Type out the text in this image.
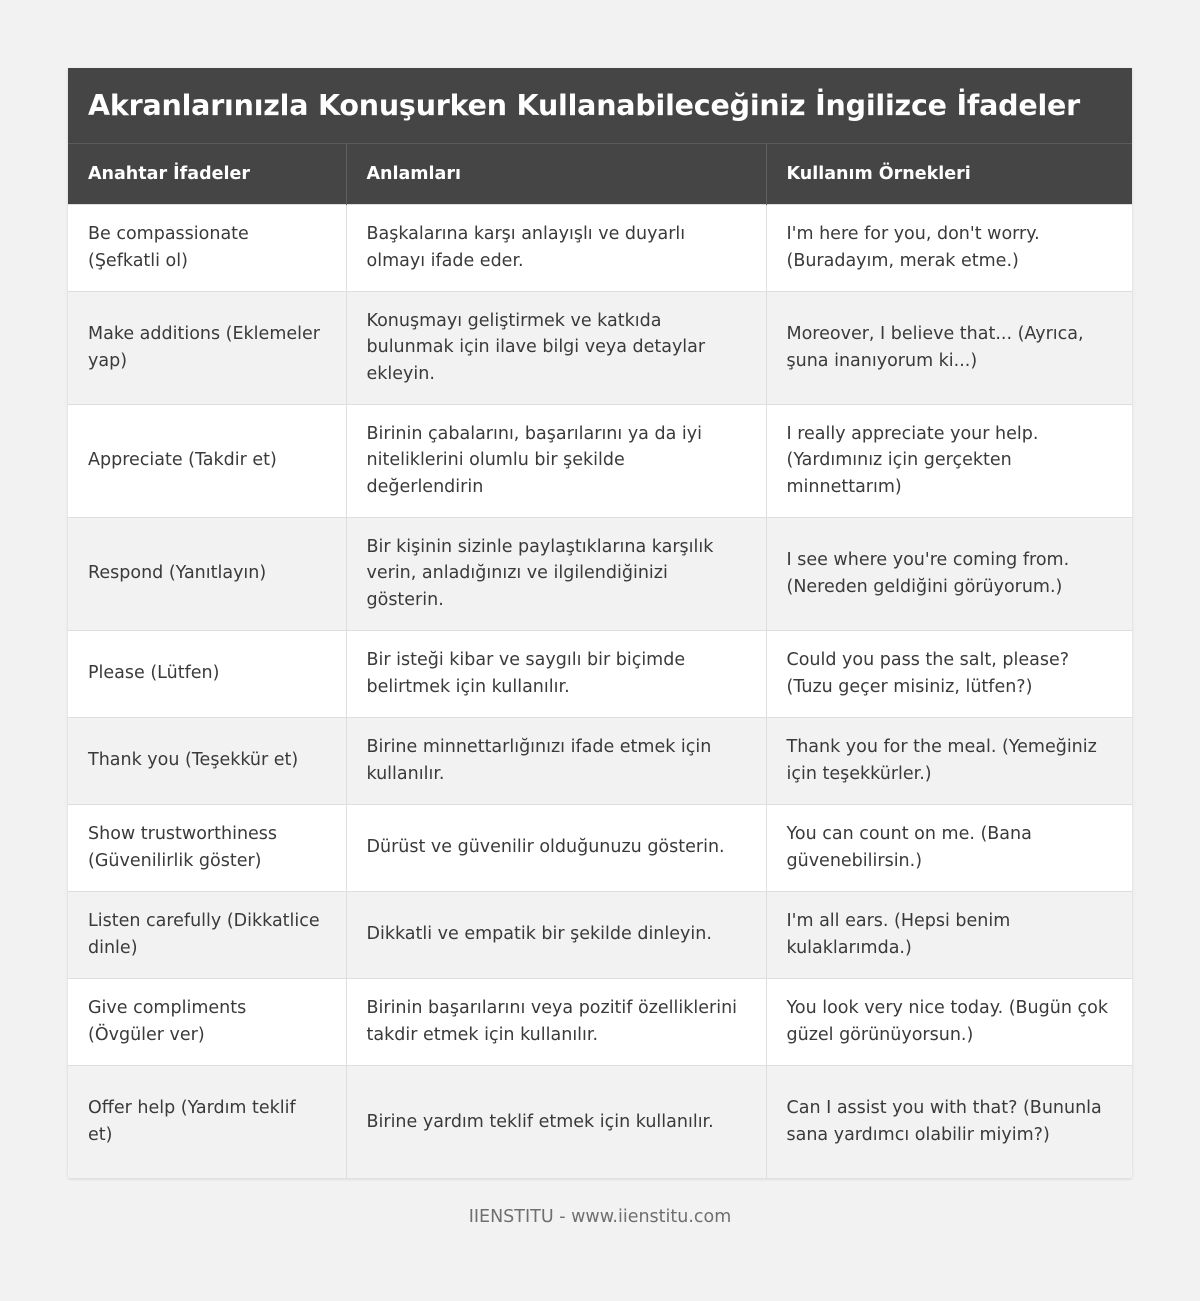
Akranlarınızla Konuşurken Kullanabileceğiniz İngilizce İfadeler
Anahtar İfadeler	Anlamları	Kullanım Örnekleri
Be compassionate (Şefkatli ol)	Başkalarına karşı anlayışlı ve duyarlı olmayı ifade eder.	I'm here for you, don't worry. (Buradayım, merak etme.)
Make additions (Eklemeler yap)	Konuşmayı geliştirmek ve katkıda bulunmak için ilave bilgi veya detaylar ekleyin.	Moreover, I believe that... (Ayrıca, şuna inanıyorum ki...)
Appreciate (Takdir et)	Birinin çabalarını, başarılarını ya da iyi niteliklerini olumlu bir şekilde değerlendirin	I really appreciate your help. (Yardımınız için gerçekten minnettarım)
Respond (Yanıtlayın)	Bir kişinin sizinle paylaştıklarına karşılık verin, anladığınızı ve ilgilendiğinizi gösterin.	I see where you're coming from. (Nereden geldiğini görüyorum.)
Please (Lütfen)	Bir isteği kibar ve saygılı bir biçimde belirtmek için kullanılır.	Could you pass the salt, please? (Tuzu geçer misiniz, lütfen?)
Thank you (Teşekkür et)	Birine minnettarlığınızı ifade etmek için kullanılır.	Thank you for the meal. (Yemeğiniz için teşekkürler.)
Show trustworthiness (Güvenilirlik göster)	Dürüst ve güvenilir olduğunuzu gösterin.	You can count on me. (Bana güvenebilirsin.)
Listen carefully (Dikkatlice dinle)	Dikkatli ve empatik bir şekilde dinleyin.	I'm all ears. (Hepsi benim kulaklarımda.)
Give compliments (Övgüler ver)	Birinin başarılarını veya pozitif özelliklerini takdir etmek için kullanılır.	You look very nice today. (Bugün çok güzel görünüyorsun.)
Offer help (Yardım teklif et)	Birine yardım teklif etmek için kullanılır.	Can I assist you with that? (Bununla sana yardımcı olabilir miyim?)
IIENSTITU - www.iienstitu.com
